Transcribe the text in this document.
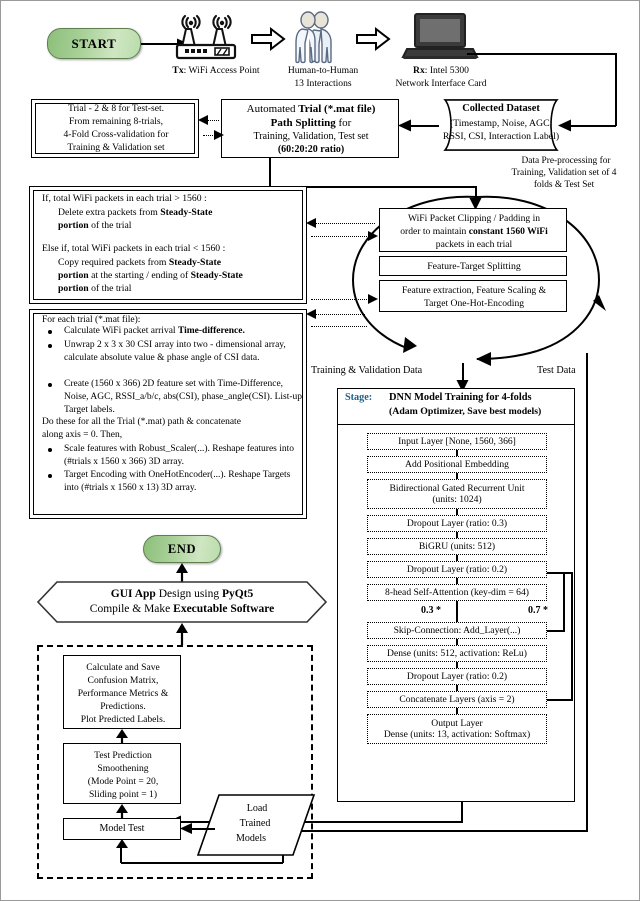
START
Tx: WiFi Access Point	Human-to-Human
13 Interactions
Rx: Intel 5300
Network Interface Card
Collected Dataset
(Timestamp, Noise, AGC,
RSSI, CSI, Interaction Label)
Automated Trial (*.mat file)
Path Splitting for
Training, Validation, Test set
(60:20:20 ratio)
Trial - 2 & 8 for Test-set.
From remaining 8-trials,
4-Fold Cross-validation for
Training & Validation set
Data Pre-processing for
Training, Validation set of 4
folds & Test Set
WiFi Packet Clipping / Padding in
order to maintain constant 1560 WiFi
packets in each trial
Feature-Target Splitting
Feature extraction, Feature Scaling &
Target One-Hot-Encoding
If, total WiFi packets in each trial > 1560 :
Delete extra packets from Steady-State
portion of the trial
Else if, total WiFi packets in each trial < 1560 :
Copy required packets from Steady-State
portion at the starting / ending of Steady-State
portion of the trial
For each trial (*.mat file):
Calculate WiFi packet arrival Time-difference.
Unwrap 2 x 3 x 30 CSI array into two - dimensional array, calculate absolute value & phase angle of CSI data.
Create (1560 x 366) 2D feature set with Time-Difference, Noise, AGC, RSSI_a/b/c, abs(CSI), phase_angle(CSI). List-up Target labels.
Do these for all the Trial (*.mat) path & concatenate
along axis = 0. Then,
Scale features with Robust_Scaler(...). Reshape features into (#trials x 1560 x 366) 3D array.
Target Encoding with OneHotEncoder(...). Reshape Targets into (#trials x 1560 x 13) 3D array.
Training & Validation Data	Test Data
Stage: DNN Model Training for 4-folds
(Adam Optimizer, Save best models)
Input Layer [None, 1560, 366]
Add Positional Embedding
Bidirectional Gated Recurrent Unit
(units: 1024)
Dropout Layer (ratio: 0.3)
BiGRU (units: 512)
Dropout Layer (ratio: 0.2)
8-head Self-Attention (key-dim = 64)
0.3 *	0.7 *
Skip-Connection: Add_Layer(...)
Dense (units: 512, activation: ReLu)
Dropout Layer (ratio: 0.2)
Concatenate Layers (axis = 2)
Output Layer
Dense (units: 13, activation: Softmax)
END
GUI App Design using PyQt5
Compile & Make Executable Software
Calculate and Save
Confusion Matrix,
Performance Metrics &
Predictions.
Plot Predicted Labels.
Test Prediction
Smoothening
(Mode Point = 20,
Sliding point = 1)
Model Test
Load
Trained
Models
